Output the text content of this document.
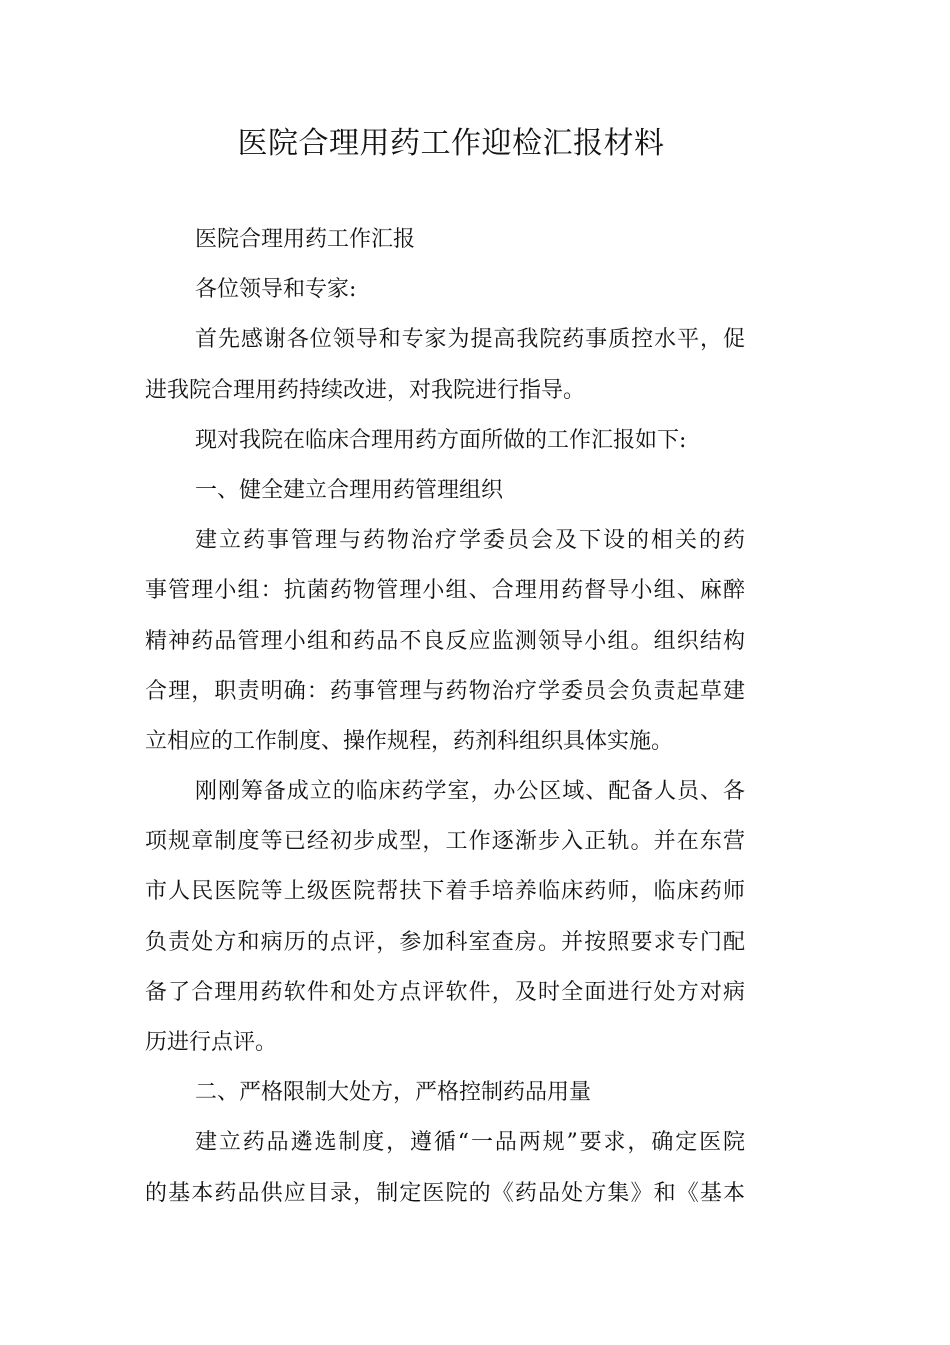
医院合理用药工作迎检汇报材料
医院合理用药工作汇报
各位领导和专家:
首先感谢各位领导和专家为提高我院药事质控水平，促
进我院合理用药持续改进，对我院进行指导。
现对我院在临床合理用药方面所做的工作汇报如下:
一、健全建立合理用药管理组织
建立药事管理与药物治疗学委员会及下设的相关的药
事管理小组：抗菌药物管理小组、合理用药督导小组、麻醉
精神药品管理小组和药品不良反应监测领导小组。组织结构
合理，职责明确：药事管理与药物治疗学委员会负责起草建
立相应的工作制度、操作规程，药剂科组织具体实施。
刚刚筹备成立的临床药学室，办公区域、配备人员、各
项规章制度等已经初步成型，工作逐渐步入正轨。并在东营
市人民医院等上级医院帮扶下着手培养临床药师，临床药师
负责处方和病历的点评，参加科室查房。并按照要求专门配
备了合理用药软件和处方点评软件，及时全面进行处方对病
历进行点评。
二、严格限制大处方，严格控制药品用量
建立药品遴选制度，遵循“一品两规”要求，确定医院
的基本药品供应目录，制定医院的《药品处方集》和《基本
